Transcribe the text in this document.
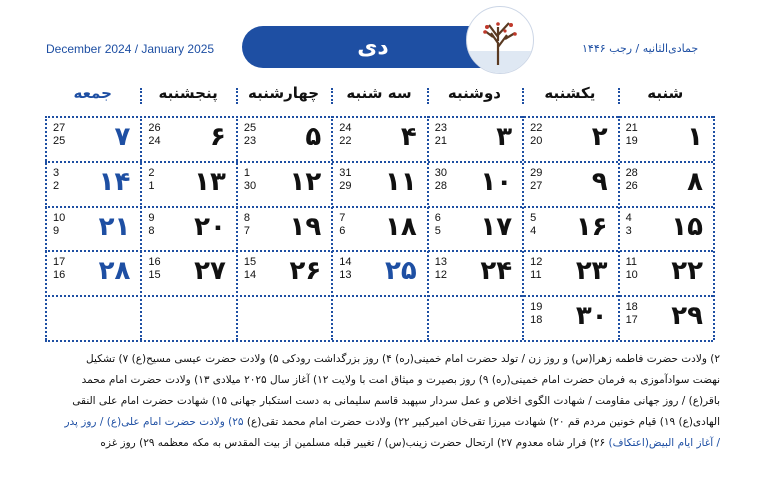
December 2024 / January 2025	دی	جمادی‌الثانیه / رجب ۱۴۴۶
شنبه
یکشنبه
دوشنبه
سه شنبه
چهارشنبه
پنجشنبه
جمعه
۱
21
19
۲
22
20
۳
23
21
۴
24
22
۵
25
23
۶
26
24
۷
27
25
۸
28
26
۹
29
27
۱۰
30
28
۱۱
31
29
۱۲
1
30
۱۳
2
1
۱۴
3
2
۱۵
4
3
۱۶
5
4
۱۷
6
5
۱۸
7
6
۱۹
8
7
۲۰
9
8
۲۱
10
9
۲۲
11
10
۲۳
12
11
۲۴
13
12
۲۵
14
13
۲۶
15
14
۲۷
16
15
۲۸
17
16
۲۹
18
17
۳۰
19
18
۲) ولادت حضرت فاطمه زهرا(س) و روز زن / تولد حضرت امام خمینی(ره) ۴) روز بزرگداشت رودکی ۵) ولادت حضرت عیسی مسیح(ع) ۷) تشکیل
نهضت سوادآموزی به فرمان حضرت امام خمینی(ره) ۹) روز بصیرت و میثاق امت با ولایت ۱۲) آغاز سال ۲۰۲۵ میلادی ۱۳) ولادت حضرت امام محمد
باقر(ع) / روز جهانی مقاومت / شهادت الگوی اخلاص و عمل سردار سپهبد قاسم سلیمانی به دست استکبار جهانی ۱۵) شهادت حضرت امام علی النقی
الهادی(ع) ۱۹) قیام خونین مردم قم ۲۰) شهادت میرزا تقی‌خان امیرکبیر ۲۲) ولادت حضرت امام محمد تقی(ع) ۲۵) ولادت حضرت امام علی(ع) / روز پدر
/ آغاز ایام البیض(اعتکاف) ۲۶) فرار شاه معدوم ۲۷) ارتحال حضرت زینب(س) / تغییر قبله مسلمین از بیت المقدس به مکه معظمه ۲۹) روز غزه
